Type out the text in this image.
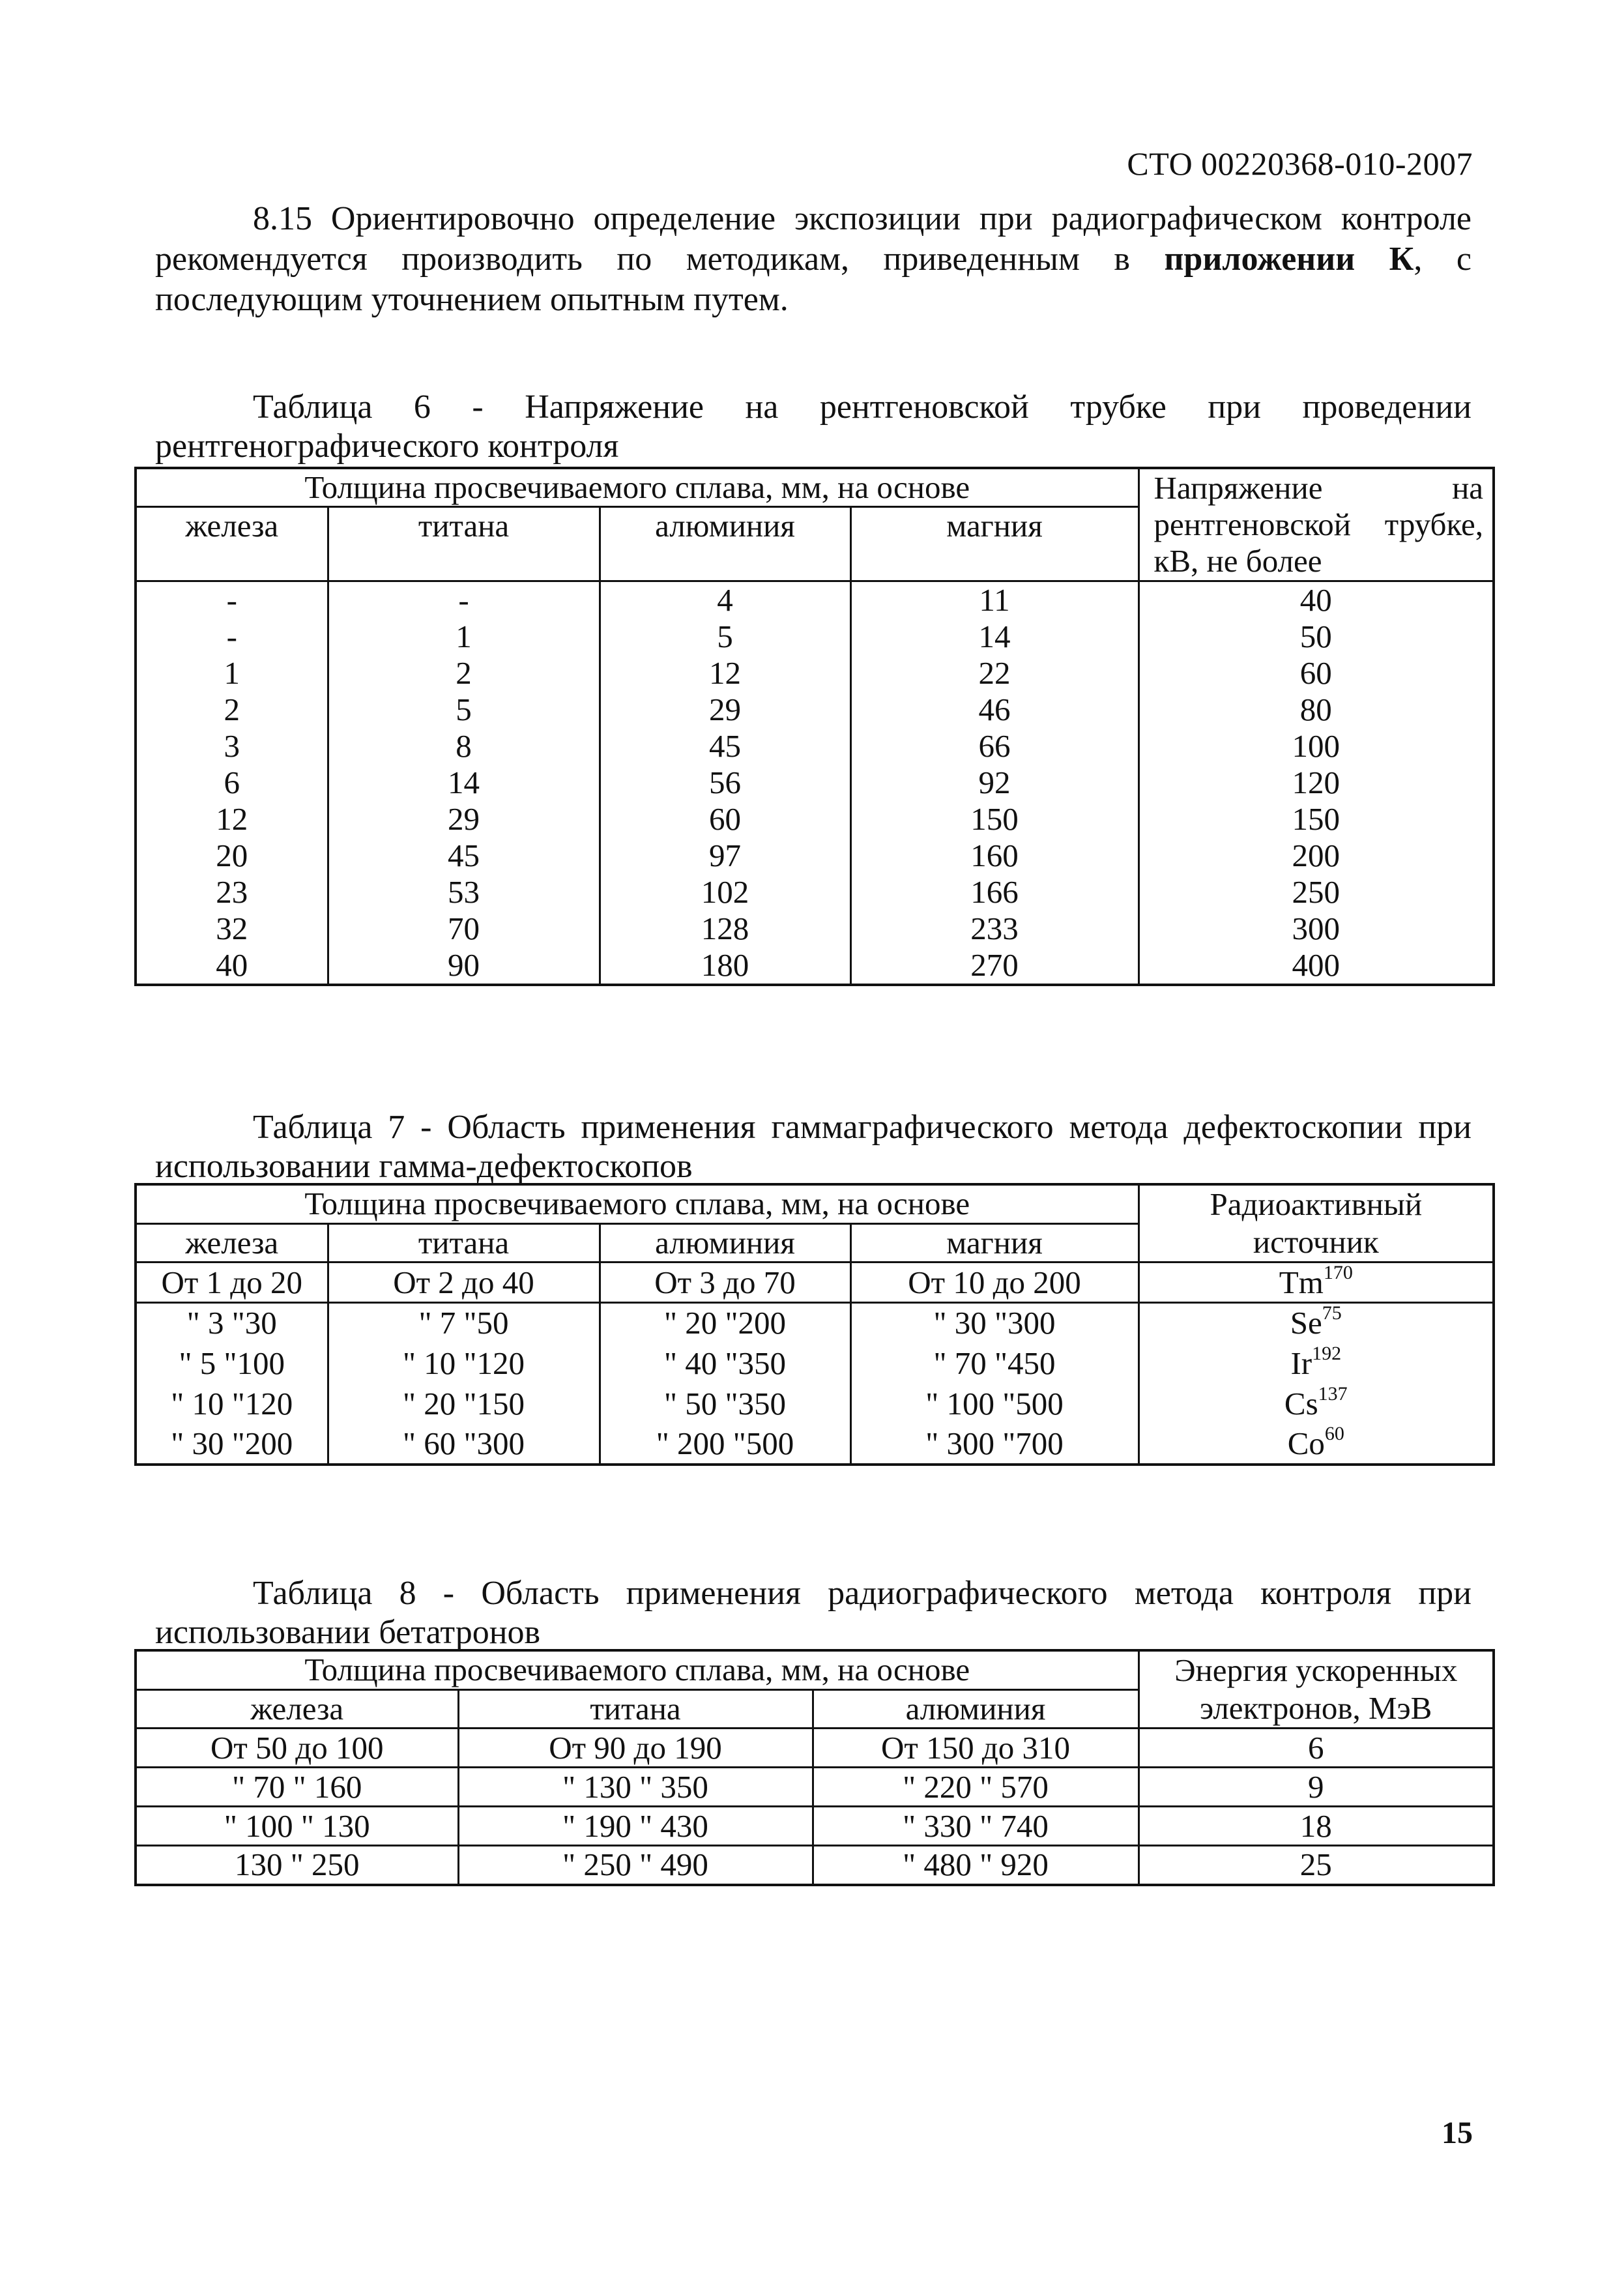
СТО 00220368-010-2007

8.15 Ориентировочно определение экспозиции при радиографическом контроле рекомендуется производить по методикам, приведенным в приложении К, с последующим уточнением опытным путем.

Таблица 6 - Напряжение на рентгеновской трубке при проведении рентгенографического контроля

Толщина просвечиваемого сплава, мм, на основе				Напряжение на рентгеновской трубке, кВ, не более
железа	титана	алюминия	магния	
-	-	4	11	40
-	1	5	14	50
1	2	12	22	60
2	5	29	46	80
3	8	45	66	100
6	14	56	92	120
12	29	60	150	150
20	45	97	160	200
23	53	102	166	250
32	70	128	233	300
40	90	180	270	400

Таблица 7 - Область применения гаммаграфического метода дефектоскопии при использовании гамма-дефектоскопов

Толщина просвечиваемого сплава, мм, на основе				Радиоактивный источник
железа	титана	алюминия	магния	
От 1 до 20	От 2 до 40	От 3 до 70	От 10 до 200	Tm$^{170}$
" 3 "30	" 7 "50	" 20 "200	" 30 "300	Se$^{75}$
" 5 "100	" 10 "120	" 40 "350	" 70 "450	Ir$^{192}$
" 10 "120	" 20 "150	" 50 "350	" 100 "500	Cs$^{137}$
" 30 "200	" 60 "300	" 200 "500	" 300 "700	Co$^{60}$

Таблица 8 - Область применения радиографического метода контроля при использовании бетатронов

Толщина просвечиваемого сплава, мм, на основе			Энергия ускоренных электронов, МэВ
железа	титана	алюминия	
От 50 до 100	От 90 до 190	От 150 до 310	6
" 70 " 160	" 130 " 350	" 220 " 570	9
" 100 " 130	" 190 " 430	" 330 " 740	18
130 " 250	" 250 " 490	" 480 " 920	25
15
